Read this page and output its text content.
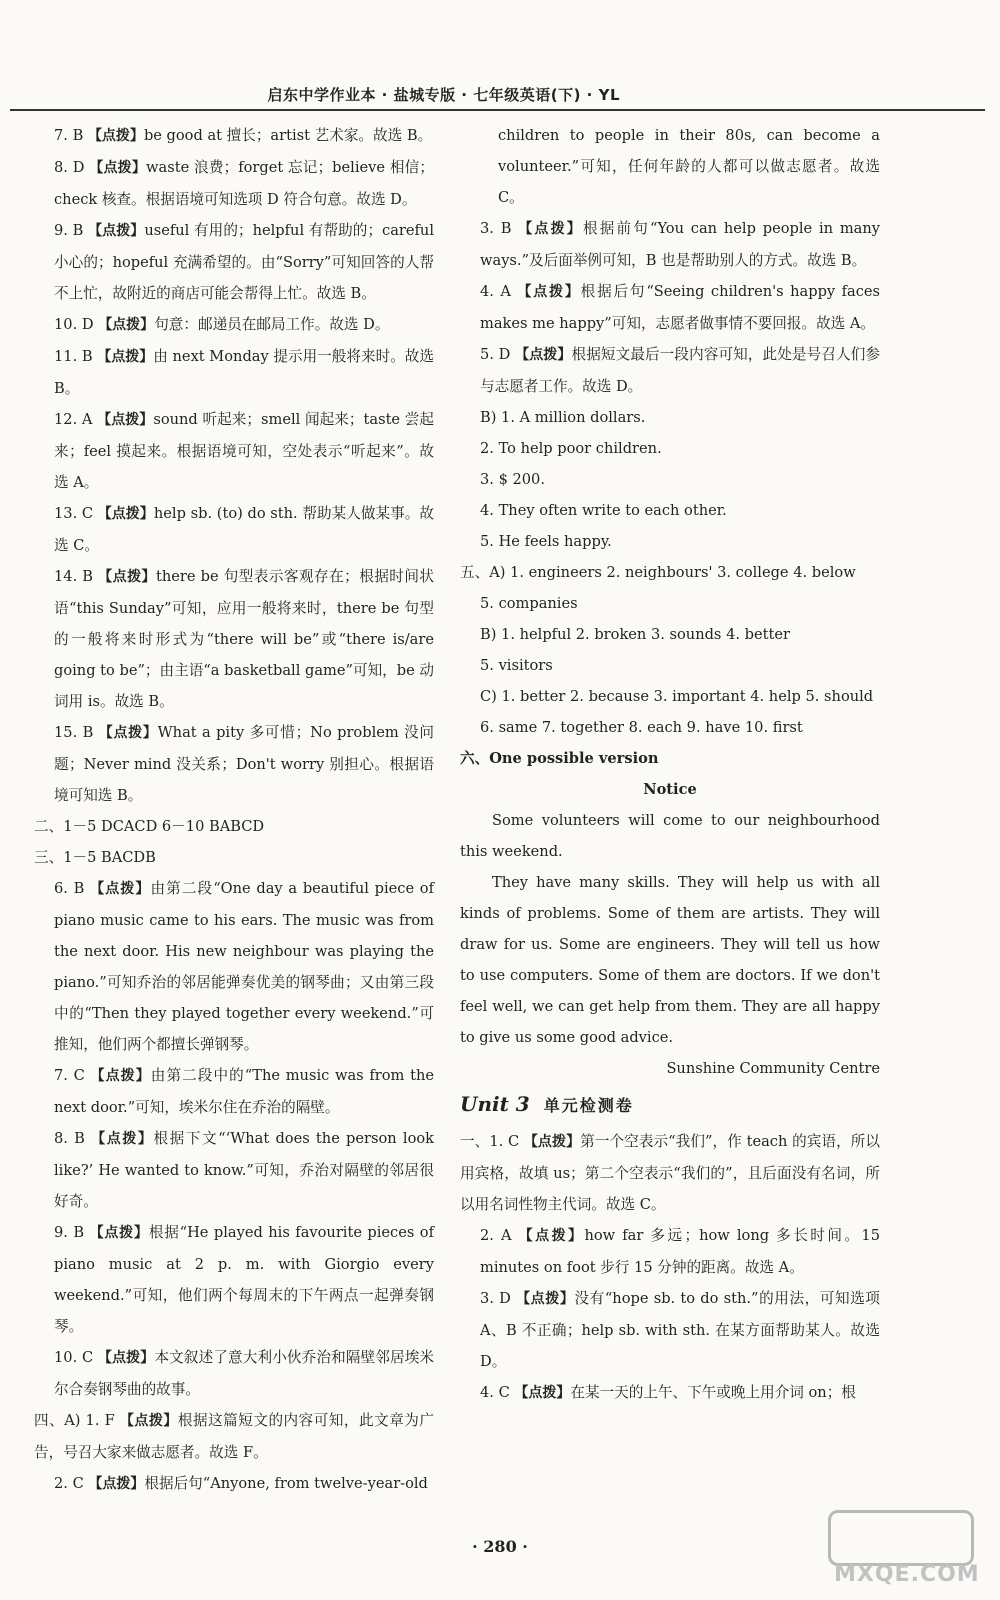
启东中学作业本 · 盐城专版 · 七年级英语(下) · YL

7. B 【点拨】be good at 擅长；artist 艺术家。故选 B。

8. D 【点拨】waste 浪费；forget 忘记；believe 相信；check 核查。根据语境可知选项 D 符合句意。故选 D。

9. B 【点拨】useful 有用的；helpful 有帮助的；careful 小心的；hopeful 充满希望的。由“Sorry”可知回答的人帮不上忙，故附近的商店可能会帮得上忙。故选 B。

10. D 【点拨】句意：邮递员在邮局工作。故选 D。

11. B 【点拨】由 next Monday 提示用一般将来时。故选 B。

12. A 【点拨】sound 听起来；smell 闻起来；taste 尝起来；feel 摸起来。根据语境可知，空处表示“听起来”。故选 A。

13. C 【点拨】help sb. (to) do sth. 帮助某人做某事。故选 C。

14. B 【点拨】there be 句型表示客观存在；根据时间状语“this Sunday”可知，应用一般将来时，there be 句型的一般将来时形式为“there will be”或“there is/are going to be”；由主语“a basketball game”可知，be 动词用 is。故选 B。

15. B 【点拨】What a pity 多可惜；No problem 没问题；Never mind 没关系；Don't worry 别担心。根据语境可知选 B。

二、1－5 DCACD 6－10 BABCD

三、1－5 BACDB

6. B 【点拨】由第二段“One day a beautiful piece of piano music came to his ears. The music was from the next door. His new neighbour was playing the piano.”可知乔治的邻居能弹奏优美的钢琴曲；又由第三段中的“Then they played together every weekend.”可推知，他们两个都擅长弹钢琴。

7. C 【点拨】由第二段中的“The music was from the next door.”可知，埃米尔住在乔治的隔壁。

8. B 【点拨】根据下文“‘What does the person look like?’ He wanted to know.”可知，乔治对隔壁的邻居很好奇。

9. B 【点拨】根据“He played his favourite pieces of piano music at 2 p. m. with Giorgio every weekend.”可知，他们两个每周末的下午两点一起弹奏钢琴。

10. C 【点拨】本文叙述了意大利小伙乔治和隔壁邻居埃米尔合奏钢琴曲的故事。

四、A) 1. F 【点拨】根据这篇短文的内容可知，此文章为广告，号召大家来做志愿者。故选 F。

2. C 【点拨】根据后句“Anyone, from twelve-year-old

children to people in their 80s, can become a volunteer.”可知，任何年龄的人都可以做志愿者。故选 C。

3. B 【点拨】根据前句“You can help people in many ways.”及后面举例可知，B 也是帮助别人的方式。故选 B。

4. A 【点拨】根据后句“Seeing children's happy faces makes me happy”可知，志愿者做事情不要回报。故选 A。

5. D 【点拨】根据短文最后一段内容可知，此处是号召人们参与志愿者工作。故选 D。

B) 1. A million dollars.

2. To help poor children.

3. $ 200.

4. They often write to each other.

5. He feels happy.

五、A) 1. engineers 2. neighbours' 3. college 4. below

5. companies

B) 1. helpful 2. broken 3. sounds 4. better

5. visitors

C) 1. better 2. because 3. important 4. help 5. should

6. same 7. together 8. each 9. have 10. first

六、One possible version

Notice

Some volunteers will come to our neighbourhood this weekend.

They have many skills. They will help us with all kinds of problems. Some of them are artists. They will draw for us. Some are engineers. They will tell us how to use computers. Some of them are doctors. If we don't feel well, we can get help from them. They are all happy to give us some good advice.

Sunshine Community Centre

Unit 3 单元检测卷

一、1. C 【点拨】第一个空表示“我们”，作 teach 的宾语，所以用宾格，故填 us；第二个空表示“我们的”，且后面没有名词，所以用名词性物主代词。故选 C。

2. A 【点拨】how far 多远；how long 多长时间。15 minutes on foot 步行 15 分钟的距离。故选 A。

3. D 【点拨】没有“hope sb. to do sth.”的用法，可知选项 A、B 不正确；help sb. with sth. 在某方面帮助某人。故选 D。

4. C 【点拨】在某一天的上午、下午或晚上用介词 on；根

· 280 ·
MXQE.COM
